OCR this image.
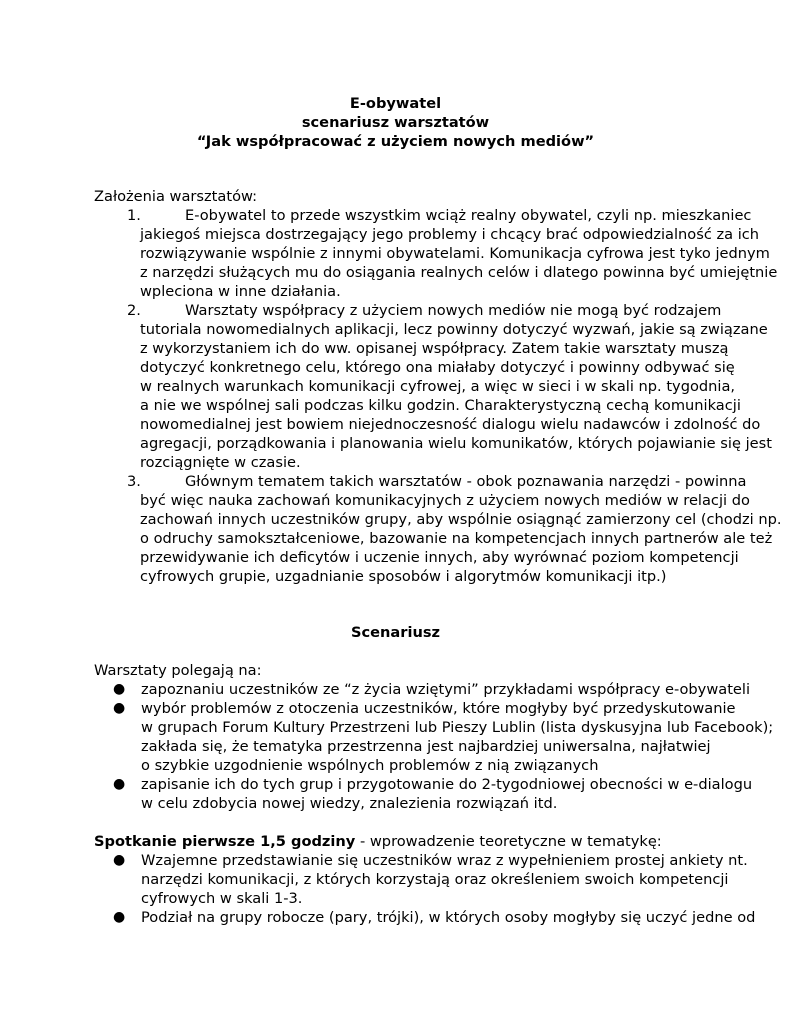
E-obywatel
scenariusz warsztatów
“Jak współpracować z użyciem nowych mediów”
Założenia warsztatów:
1.	E-obywatel to przede wszystkim wciąż realny obywatel, czyli np. mieszkaniec
jakiegoś miejsca dostrzegający jego problemy i chcący brać odpowiedzialność za ich
rozwiązywanie wspólnie z innymi obywatelami. Komunikacja cyfrowa jest tyko jednym
z narzędzi służących mu do osiągania realnych celów i dlatego powinna być umiejętnie
wpleciona w inne działania.
2.	Warsztaty współpracy z użyciem nowych mediów nie mogą być rodzajem
tutoriala nowomedialnych aplikacji, lecz powinny dotyczyć wyzwań, jakie są związane
z wykorzystaniem ich do ww. opisanej współpracy. Zatem takie warsztaty muszą
dotyczyć konkretnego celu, którego ona miałaby dotyczyć i powinny odbywać się
w realnych warunkach komunikacji cyfrowej, a więc w sieci i w skali np. tygodnia,
a nie we wspólnej sali podczas kilku godzin. Charakterystyczną cechą komunikacji
nowomedialnej jest bowiem niejednoczesność dialogu wielu nadawców i zdolność do
agregacji, porządkowania i planowania wielu komunikatów, których pojawianie się jest
rozciągnięte w czasie.
3.	Głównym tematem takich warsztatów - obok poznawania narzędzi - powinna
być więc nauka zachowań komunikacyjnych z użyciem nowych mediów w relacji do
zachowań innych uczestników grupy, aby wspólnie osiągnąć zamierzony cel (chodzi np.
o odruchy samokształceniowe, bazowanie na kompetencjach innych partnerów ale też
przewidywanie ich deficytów i uczenie innych, aby wyrównać poziom kompetencji
cyfrowych grupie, uzgadnianie sposobów i algorytmów komunikacji itp.)
Scenariusz
Warsztaty polegają na:
● zapoznaniu uczestników ze “z życia wziętymi” przykładami współpracy e-obywateli
● wybór problemów z otoczenia uczestników, które mogłyby być przedyskutowanie
w grupach Forum Kultury Przestrzeni lub Pieszy Lublin (lista dyskusyjna lub Facebook);
zakłada się, że tematyka przestrzenna jest najbardziej uniwersalna, najłatwiej
o szybkie uzgodnienie wspólnych problemów z nią związanych
● zapisanie ich do tych grup i przygotowanie do 2-tygodniowej obecności w e-dialogu
w celu zdobycia nowej wiedzy, znalezienia rozwiązań itd.
Spotkanie pierwsze 1,5 godziny - wprowadzenie teoretyczne w tematykę:
● Wzajemne przedstawianie się uczestników wraz z wypełnieniem prostej ankiety nt.
narzędzi komunikacji, z których korzystają oraz określeniem swoich kompetencji
cyfrowych w skali 1-3.
● Podział na grupy robocze (pary, trójki), w których osoby mogłyby się uczyć jedne od
